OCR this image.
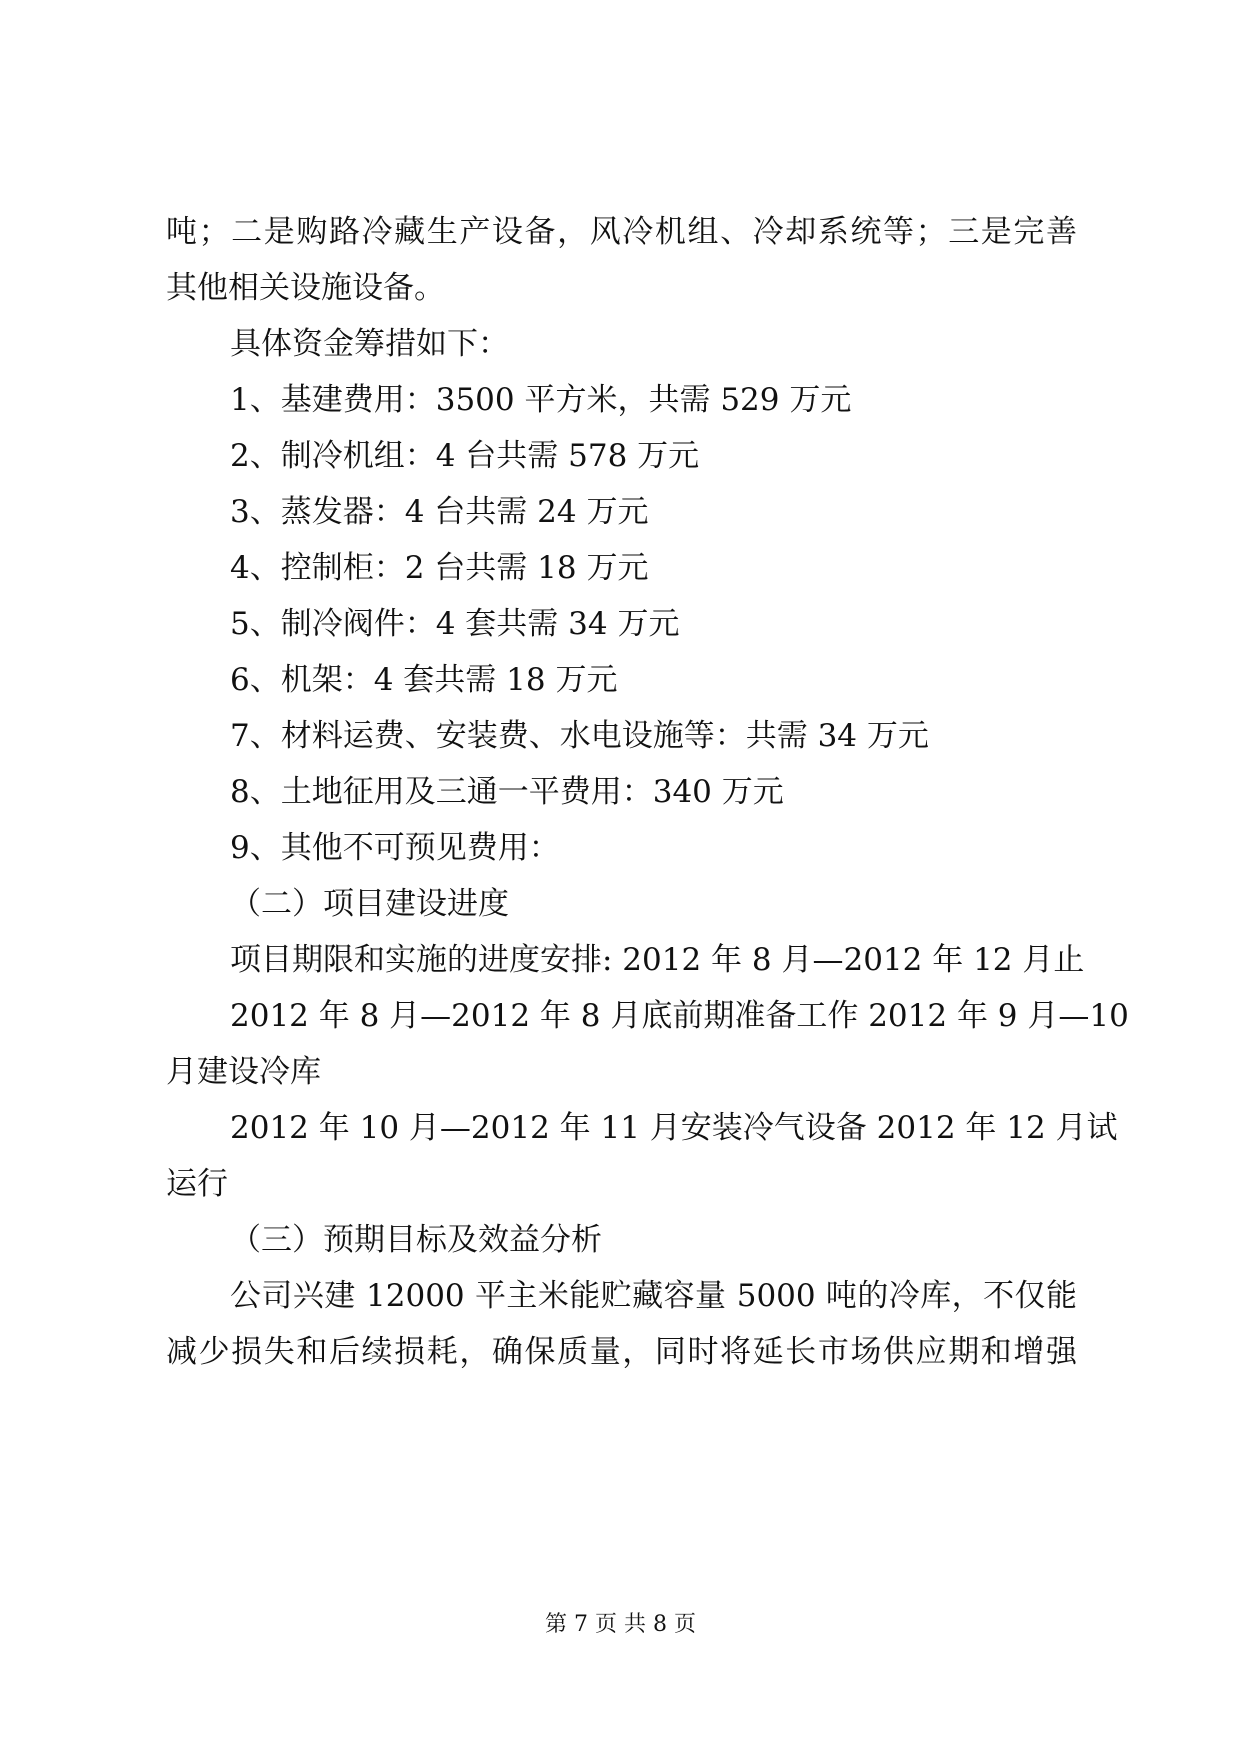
吨；二是购路冷藏生产设备，风冷机组、冷却系统等；三是完善
其他相关设施设备。
具体资金筹措如下：
1、基建费用：3500 平方米，共需 529 万元
2、制冷机组：4 台共需 578 万元
3、蒸发器：4 台共需 24 万元
4、控制柜：2 台共需 18 万元
5、制冷阀件：4 套共需 34 万元
6、机架：4 套共需 18 万元
7、材料运费、安装费、水电设施等：共需 34 万元
8、土地征用及三通一平费用：340 万元
9、其他不可预见费用：
（二）项目建设进度
项目期限和实施的进度安排: 2012 年 8 月—2012 年 12 月止
2012 年 8 月—2012 年 8 月底前期准备工作 2012 年 9 月—10
月建设冷库
2012 年 10 月—2012 年 11 月安装冷气设备 2012 年 12 月试
运行
（三）预期目标及效益分析
公司兴建 12000 平主米能贮藏容量 5000 吨的冷库，不仅能
减少损失和后续损耗，确保质量，同时将延长市场供应期和增强
第 7 页 共 8 页
